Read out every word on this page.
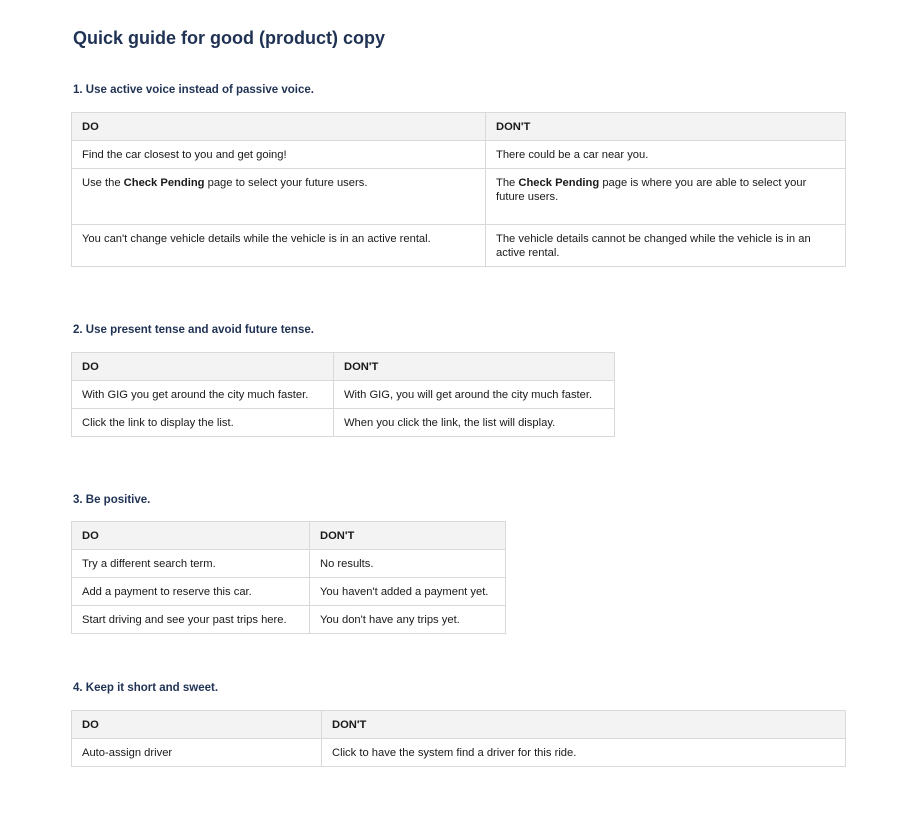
Quick guide for good (product) copy
1. Use active voice instead of passive voice.
DO	DON'T
Find the car closest to you and get going!	There could be a car near you.
Use the Check Pending page to select your future users.	The Check Pending page is where you are able to select your future users.
You can't change vehicle details while the vehicle is in an active rental.	The vehicle details cannot be changed while the vehicle is in an active rental.
2. Use present tense and avoid future tense.
DO	DON'T
With GIG you get around the city much faster.	With GIG, you will get around the city much faster.
Click the link to display the list.	When you click the link, the list will display.
3. Be positive.
DO	DON'T
Try a different search term.	No results.
Add a payment to reserve this car.	You haven't added a payment yet.
Start driving and see your past trips here.	You don't have any trips yet.
4. Keep it short and sweet.
DO	DON'T
Auto-assign driver	Click to have the system find a driver for this ride.
